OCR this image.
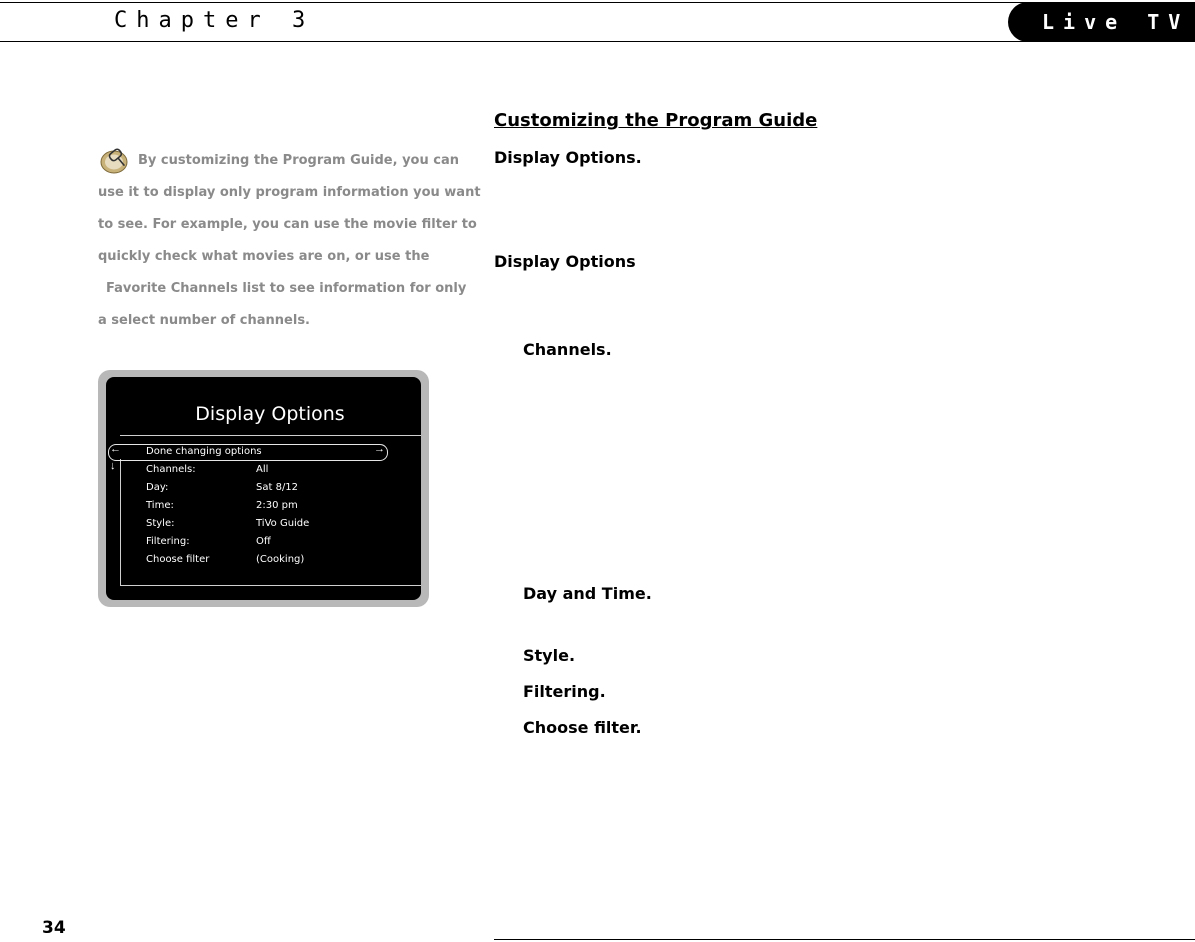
Chapter 3	Live TV
By customizing the Program Guide, you can
use it to display only program information you want
to see. For example, you can use the movie filter to
quickly check what movies are on, or use the
Favorite Channels list to see information for only
a select number of channels.
Display Options
←	→
↓
Done changing options
Channels:	All
Day:	Sat 8/12
Time:	2:30 pm
Style:	TiVo Guide
Filtering:	Off
Choose filter	(Cooking)
Customizing the Program Guide
Display Options.
Display Options
Channels.
Day and Time.
Style.
Filtering.
Choose filter.
34
